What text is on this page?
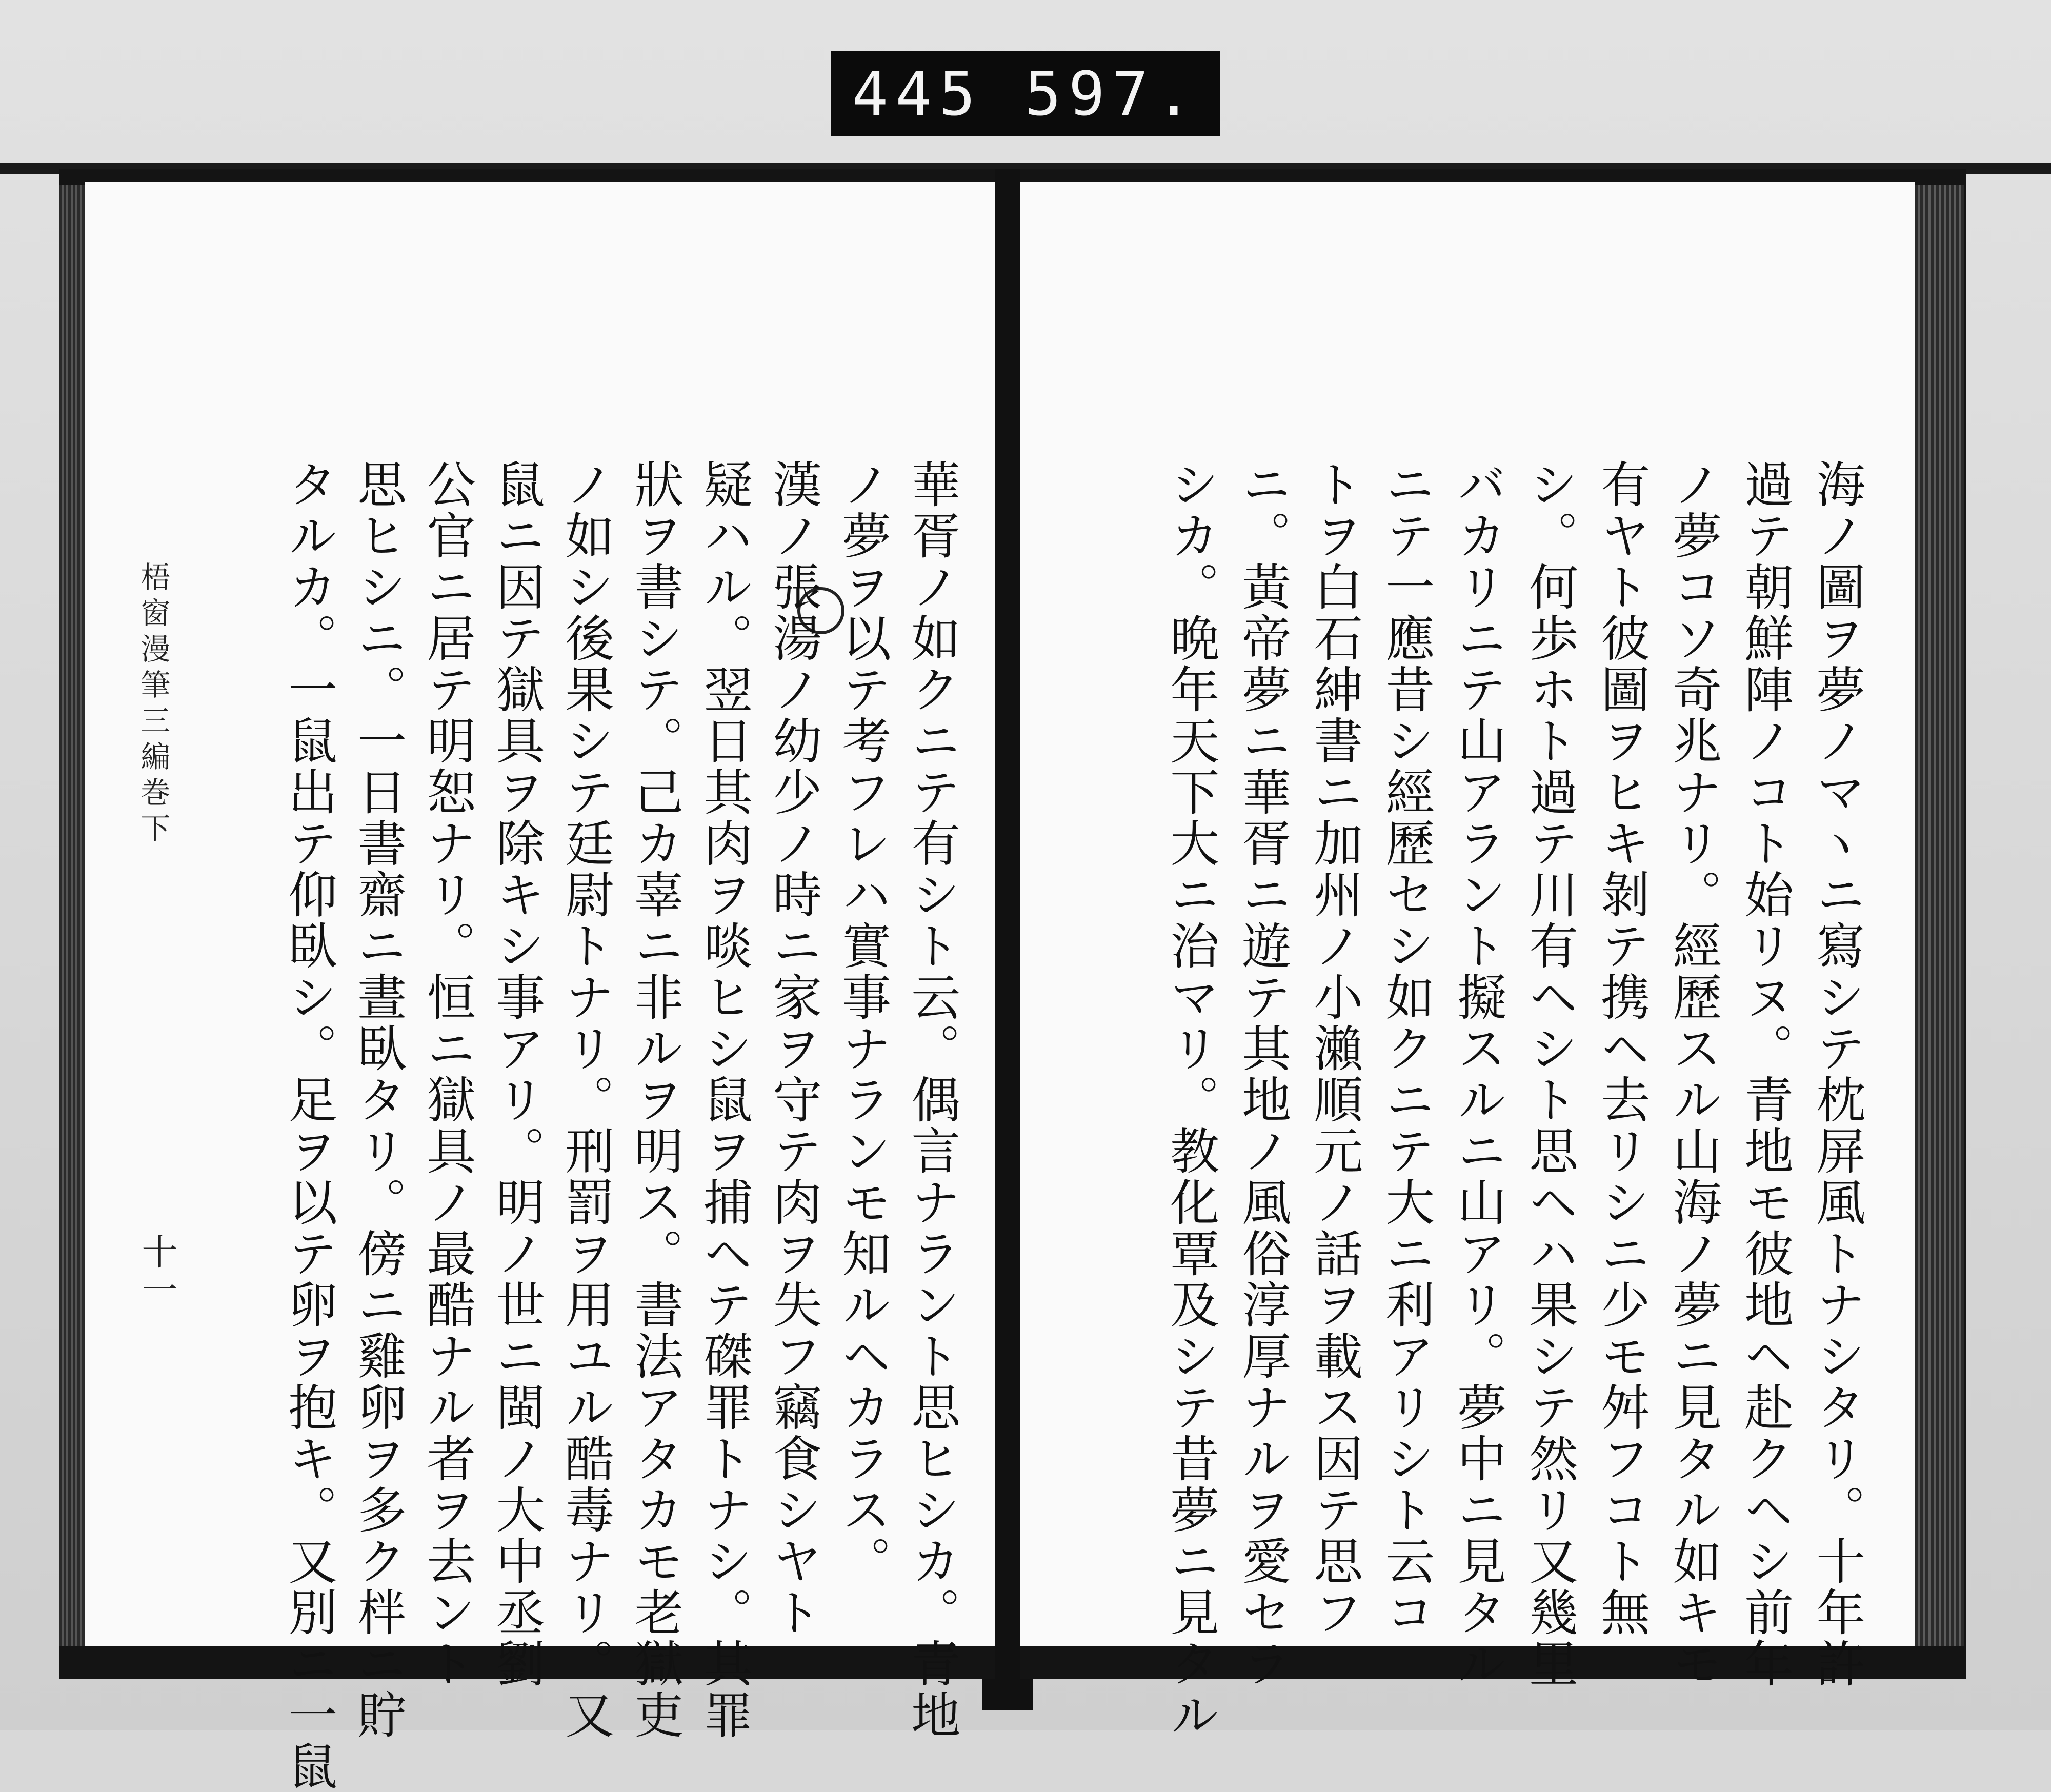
445 597.
華胥ノ如クニテ有シト云。偶言ナラント思ヒシカ。青地
ノ夢ヲ以テ考フレハ實事ナランモ知ルヘカラス。
漢ノ張湯ノ幼少ノ時ニ家ヲ守テ肉ヲ失フ竊食シヤト
疑ハル。翌日其肉ヲ啖ヒシ鼠ヲ捕ヘテ磔罪トナシ。其罪
狀ヲ書シテ。己カ辜ニ非ルヲ明ス。書法アタカモ老獄吏
ノ如シ後果シテ廷尉トナリ。刑罰ヲ用ユル酷毒ナリ。又
鼠ニ因テ獄具ヲ除キシ事アリ。明ノ世ニ閩ノ大中丞劉
公官ニ居テ明恕ナリ。恒ニ獄具ノ最酷ナル者ヲ去ント
思ヒシニ。一日書齋ニ晝臥タリ。傍ニ雞卵ヲ多ク柈ニ貯
タルカ。一鼠出テ仰臥シ。足ヲ以テ卵ヲ抱キ。又別ニ一鼠
梧窗漫筆三編巻下
十一	海ノ圖ヲ夢ノマヽニ寫シテ枕屏風トナシタリ。十年許
過テ朝鮮陣ノコト始リヌ。青地モ彼地ヘ赴クヘシ前年
ノ夢コソ奇兆ナリ。經歷スル山海ノ夢ニ見タル如キモ
有ヤト彼圖ヲヒキ剝テ携ヘ去リシニ少モ舛フコト無
シ。何歩ホト過テ川有ヘシト思ヘハ果シテ然リ又幾里
バカリニテ山アラント擬スルニ山アリ。夢中ニ見タル
ニテ一應昔シ經歷セシ如クニテ大ニ利アリシト云コ
トヲ白石紳書ニ加州ノ小瀨順元ノ話ヲ載ス因テ思フ
ニ。黃帝夢ニ華胥ニ遊テ其地ノ風俗淳厚ナルヲ愛セラ
シカ。晩年天下大ニ治マリ。教化覃及シテ昔夢ニ見タル
